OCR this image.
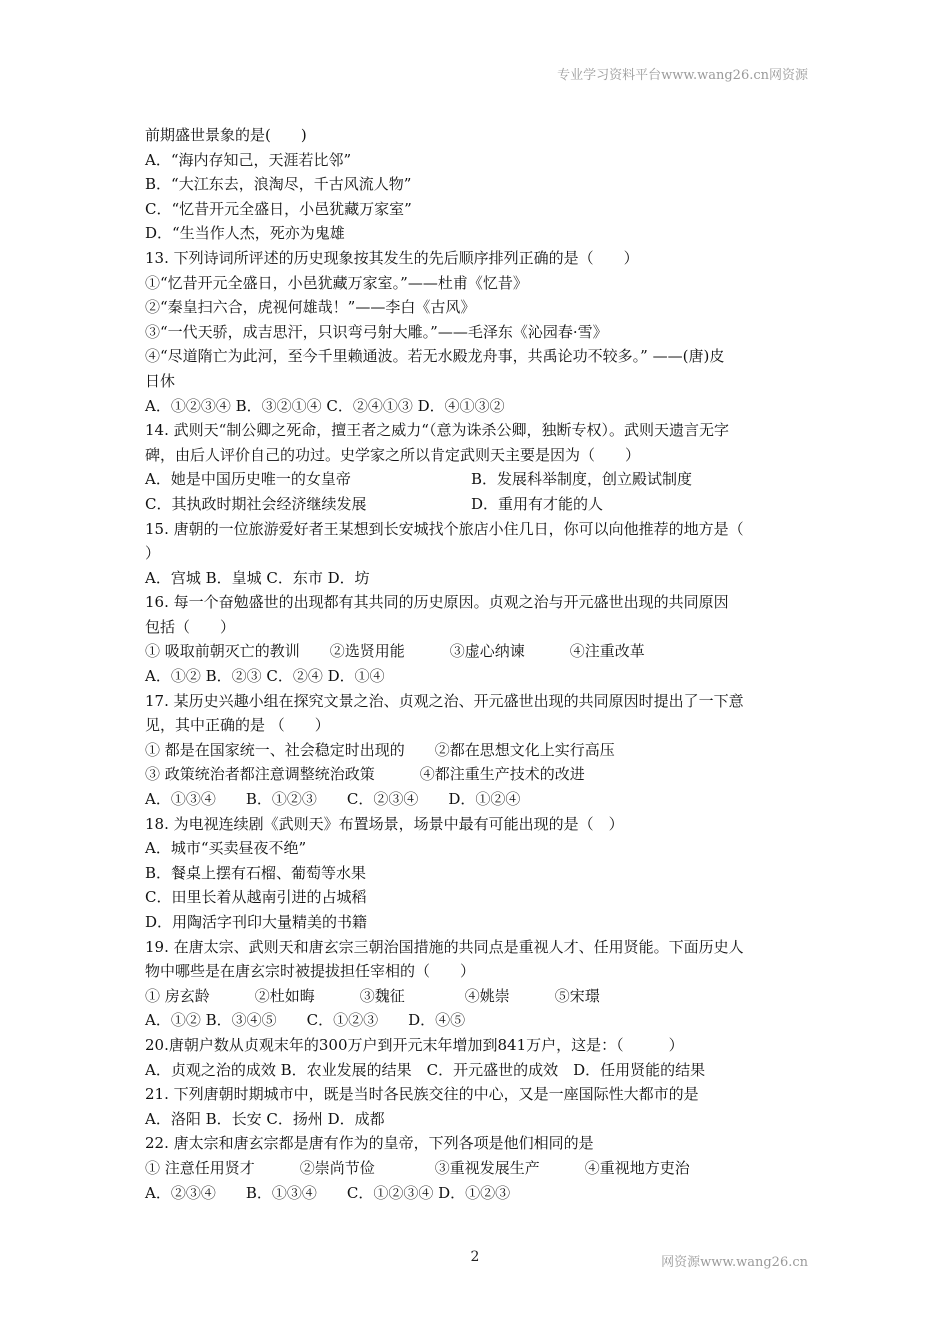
专业学习资料平台www.wang26.cn网资源
前期盛世景象的是(　　)
A．“海内存知己，天涯若比邻”
B．“大江东去，浪淘尽，千古风流人物”
C．“忆昔开元全盛日，小邑犹藏万家室”
D．“生当作人杰，死亦为鬼雄
13. 下列诗词所评述的历史现象按其发生的先后顺序排列正确的是（　　）
①“忆昔开元全盛日，小邑犹藏万家室。”——杜甫《忆昔》
②“秦皇扫六合，虎视何雄哉！”——李白《古风》
③“一代天骄，成吉思汗，只识弯弓射大雕。”——毛泽东《沁园春·雪》
④“尽道隋亡为此河，至今千里赖通波。若无水殿龙舟事，共禹论功不较多。” ——(唐)皮
日休
A．①②③④ B．③②①④ C．②④①③ D．④①③②
14. 武则天“制公卿之死命，擅王者之威力“（意为诛杀公卿，独断专权）。武则天遗言无字
碑，由后人评价自己的功过。史学家之所以肯定武则天主要是因为（　　）
A．她是中国历史唯一的女皇帝	B．发展科举制度，创立殿试制度
C．其执政时期社会经济继续发展	D．重用有才能的人
15. 唐朝的一位旅游爱好者王某想到长安城找个旅店小住几日，你可以向他推荐的地方是（
）
A．宫城 B．皇城 C．东市 D．坊
16. 每一个奋勉盛世的出现都有其共同的历史原因。贞观之治与开元盛世出现的共同原因
包括（　　）
① 吸取前朝灭亡的教训　　②选贤用能　　　③虚心纳谏　　　④注重改革
A．①② B．②③ C．②④ D．①④
17. 某历史兴趣小组在探究文景之治、贞观之治、开元盛世出现的共同原因时提出了一下意
见，其中正确的是 （　　）
① 都是在国家统一、社会稳定时出现的　　②都在思想文化上实行高压
③ 政策统治者都注意调整统治政策　　　④都注重生产技术的改进
A．①③④　　B．①②③　　C．②③④　　D．①②④
18. 为电视连续剧《武则天》布置场景，场景中最有可能出现的是（　）
A．城市“买卖昼夜不绝”
B．餐桌上摆有石榴、葡萄等水果
C．田里长着从越南引进的占城稻
D．用陶活字刊印大量精美的书籍
19. 在唐太宗、武则天和唐玄宗三朝治国措施的共同点是重视人才、任用贤能。下面历史人
物中哪些是在唐玄宗时被提拔担任宰相的（　　）
① 房玄龄　　　②杜如晦　　　③魏征　　　　④姚崇　　　⑤宋璟
A．①② B．③④⑤　　C．①②③　　D．④⑤
20.唐朝户数从贞观末年的300万户到开元末年增加到841万户，这是：（　　　）
A．贞观之治的成效 B．农业发展的结果　C．开元盛世的成效　D．任用贤能的结果
21. 下列唐朝时期城市中，既是当时各民族交往的中心，又是一座国际性大都市的是
A．洛阳 B．长安 C．扬州 D．成都
22. 唐太宗和唐玄宗都是唐有作为的皇帝，下列各项是他们相同的是
① 注意任用贤才　　　②崇尚节俭　　　　③重视发展生产　　　④重视地方吏治
A．②③④　　B．①③④　　C．①②③④ D．①②③
2	网资源www.wang26.cn
